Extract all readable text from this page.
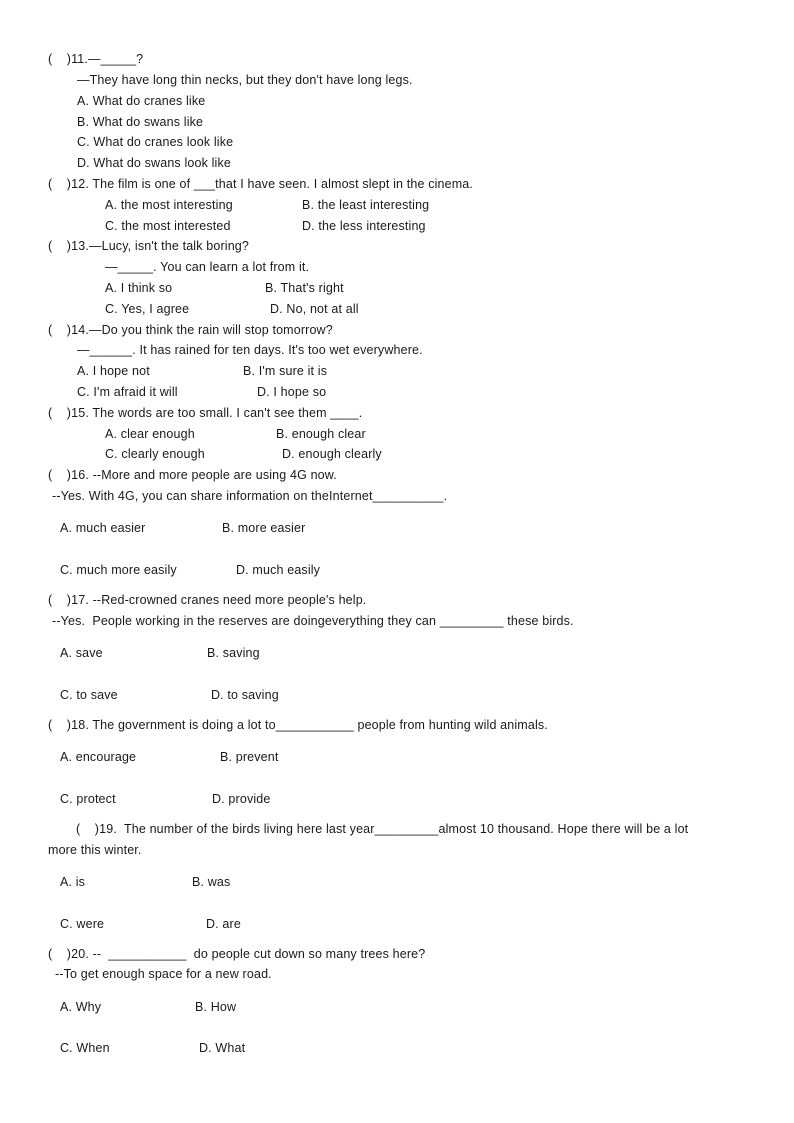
(    )11.—_____?
—They have long thin necks, but they don't have long legs.
A. What do cranes like
B. What do swans like
C. What do cranes look like
D. What do swans look like
(    )12. The film is one of ___that I have seen. I almost slept in the cinema.
A. the most interesting	B. the least interesting
C. the most interested	D. the less interesting
(    )13.—Lucy, isn't the talk boring?
—_____. You can learn a lot from it.
A. I think so	B. That's right
C. Yes, I agree	D. No, not at all
(    )14.—Do you think the rain will stop tomorrow?
—______. It has rained for ten days. It's too wet everywhere.
A. I hope not	B. I'm sure it is
C. I'm afraid it will	D. I hope so
(    )15. The words are too small. I can't see them ____.
A. clear enough	B. enough clear
C. clearly enough	D. enough clearly
(    )16. --More and more people are using 4G now.
--Yes. With 4G, you can share information on theInternet__________.
A. much easier	B. more easier
C. much more easily	D. much easily
(    )17. --Red-crowned cranes need more people's help.
--Yes.  People working in the reserves are doingeverything they can _________ these birds.
A. save	B. saving
C. to save	D. to saving
(    )18. The government is doing a lot to___________ people from hunting wild animals.
A. encourage	B. prevent
C. protect	D. provide
(    )19.  The number of the birds living here last year_________almost 10 thousand. Hope there will be a lot
more this winter.
A. is	B. was
C. were	D. are
(    )20. --  ___________  do people cut down so many trees here?
--To get enough space for a new road.
A. Why	B. How
C. When	D. What
